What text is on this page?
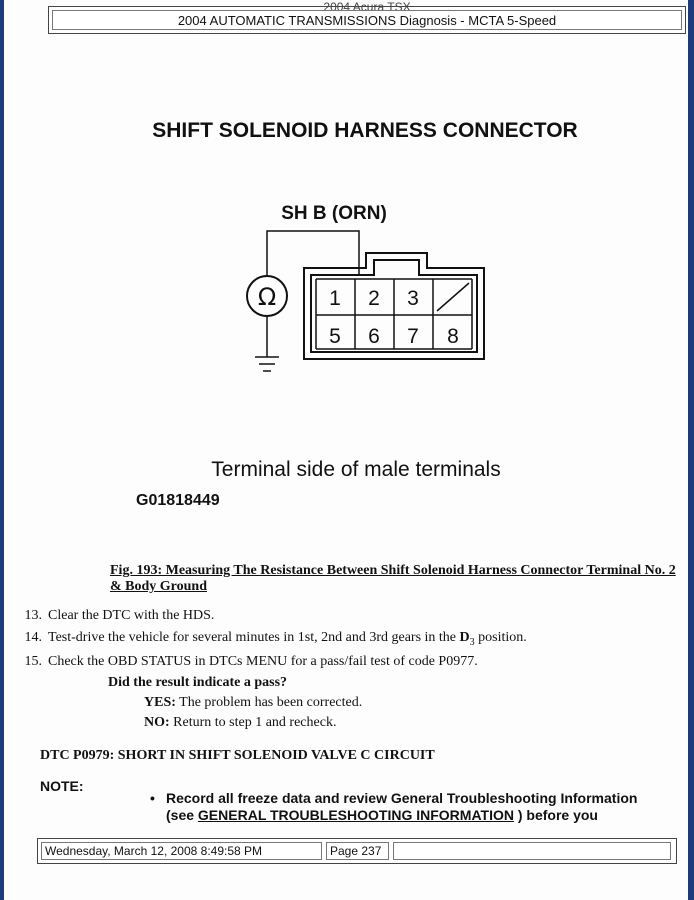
2004 Acura TSX
2004 AUTOMATIC TRANSMISSIONS Diagnosis - MCTA 5-Speed
SHIFT SOLENOID HARNESS CONNECTOR
SH B (ORN)
Ω	1 2 3
5 6 7 8
Terminal side of male terminals
G01818449
Fig. 193: Measuring The Resistance Between Shift Solenoid Harness Connector Terminal No. 2 & Body Ground
13. Clear the DTC with the HDS.
14. Test-drive the vehicle for several minutes in 1st, 2nd and 3rd gears in the $D_3$ position.
15. Check the OBD STATUS in DTCs MENU for a pass/fail test of code P0977.
Did the result indicate a pass?
YES: The problem has been corrected.
NO: Return to step 1 and recheck.
DTC P0979: SHORT IN SHIFT SOLENOID VALVE C CIRCUIT
NOTE:
• Record all freeze data and review General Troubleshooting Information (see GENERAL TROUBLESHOOTING INFORMATION ) before you
Wednesday, March 12, 2008 8:49:58 PM	Page 237
